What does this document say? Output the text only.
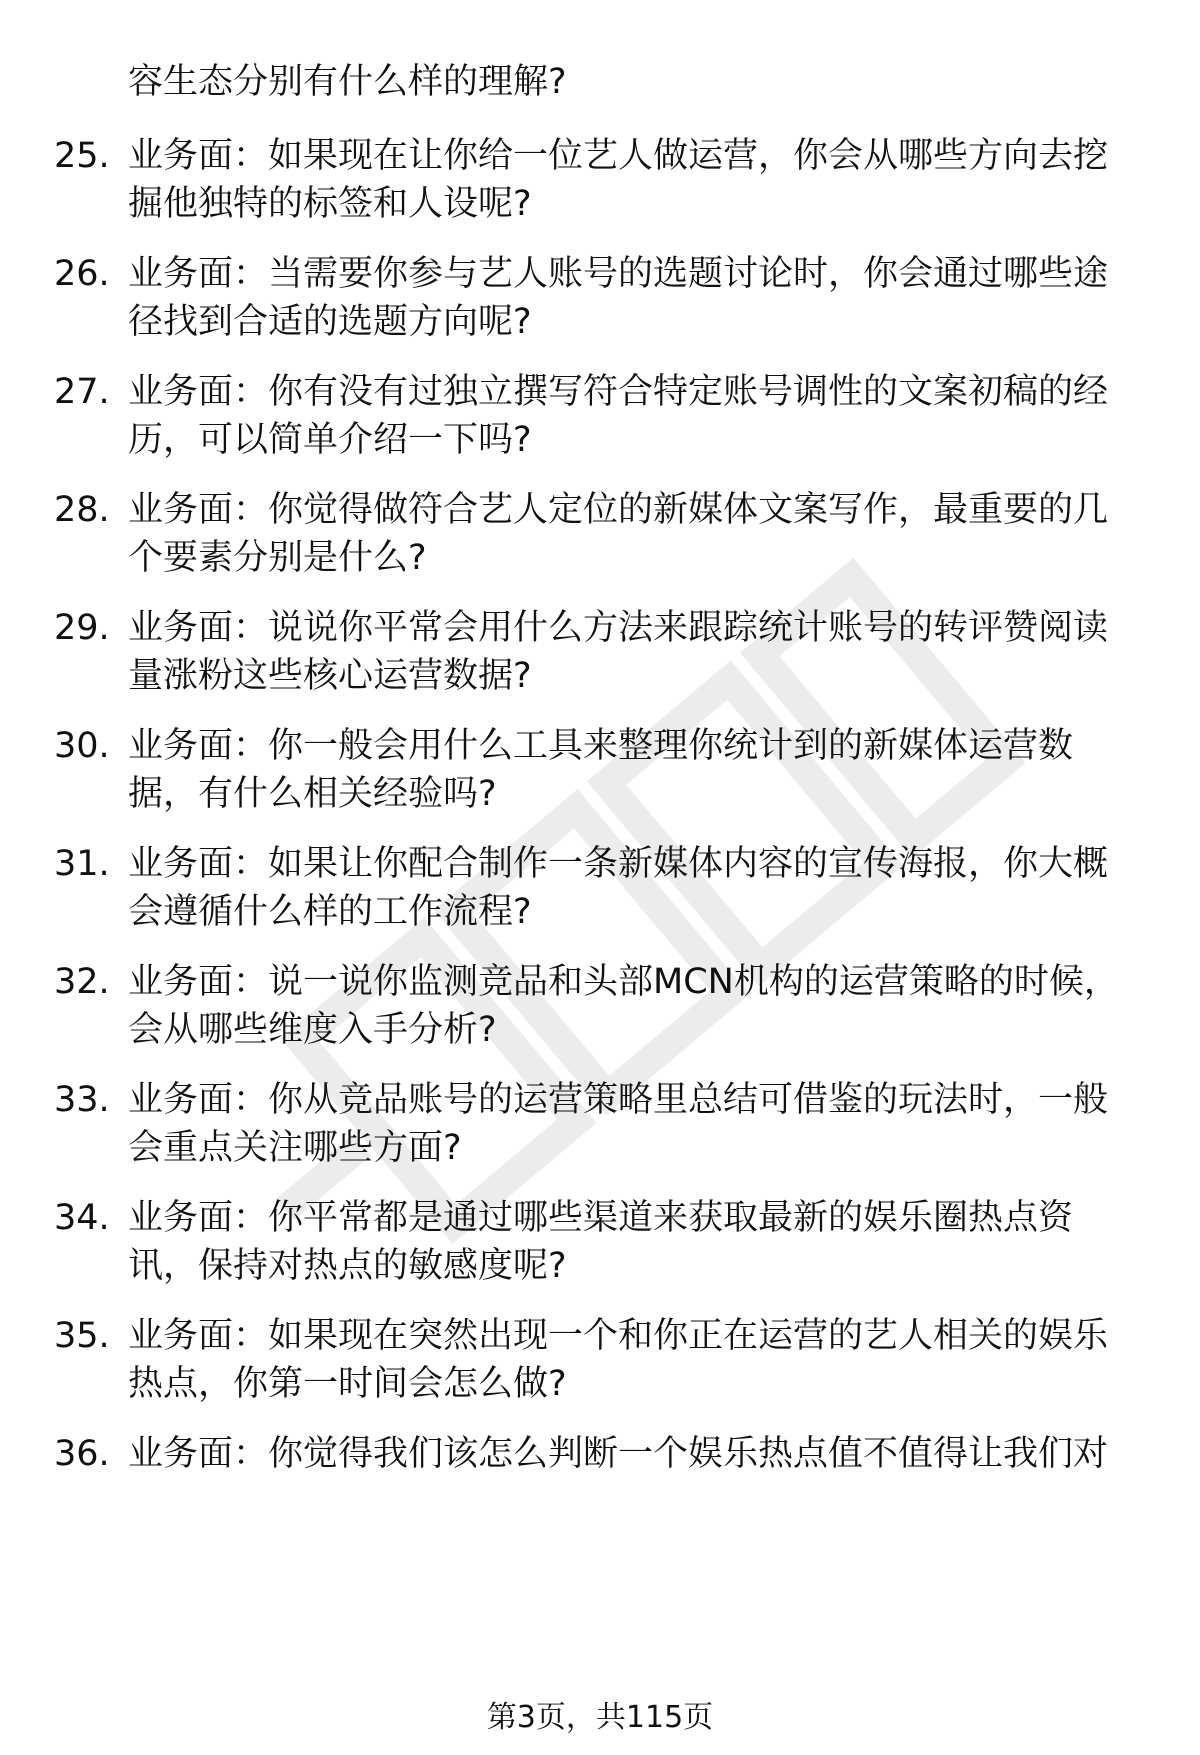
容生态分别有什么样的理解?
25. 业务面：如果现在让你给一位艺人做运营，你会从哪些方向去挖
掘他独特的标签和人设呢?
26. 业务面：当需要你参与艺人账号的选题讨论时，你会通过哪些途
径找到合适的选题方向呢?
27. 业务面：你有没有过独立撰写符合特定账号调性的文案初稿的经
历，可以简单介绍一下吗?
28. 业务面：你觉得做符合艺人定位的新媒体文案写作，最重要的几
个要素分别是什么?
29. 业务面：说说你平常会用什么方法来跟踪统计账号的转评赞阅读
量涨粉这些核心运营数据?
30. 业务面：你一般会用什么工具来整理你统计到的新媒体运营数
据，有什么相关经验吗?
31. 业务面：如果让你配合制作一条新媒体内容的宣传海报，你大概
会遵循什么样的工作流程?
32. 业务面：说一说你监测竞品和头部MCN机构的运营策略的时候，
会从哪些维度入手分析?
33. 业务面：你从竞品账号的运营策略里总结可借鉴的玩法时，一般
会重点关注哪些方面?
34. 业务面：你平常都是通过哪些渠道来获取最新的娱乐圈热点资
讯，保持对热点的敏感度呢?
35. 业务面：如果现在突然出现一个和你正在运营的艺人相关的娱乐
热点，你第一时间会怎么做?
36. 业务面：你觉得我们该怎么判断一个娱乐热点值不值得让我们对
第3页，共115页
